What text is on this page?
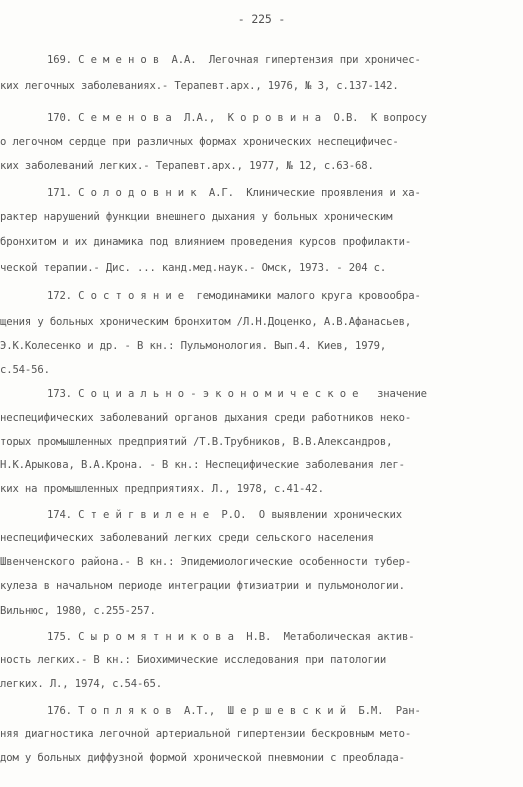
- 225 -
169. С е м е н о в  А.А.  Легочная гипертензия при хроничес-
ких легочных заболеваниях.- Терапевт.арх., 1976, № 3, с.137-142.
170. С е м е н о в а  Л.А.,  К о р о в и н а  О.В.  К вопросу
о легочном сердце при различных формах хронических неспецифичес-
ких заболеваний легких.- Терапевт.арх., 1977, № 12, с.63-68.
171. С о л о д о в н и к  А.Г.  Клинические проявления и ха-
рактер нарушений функции внешнего дыхания у больных хроническим
бронхитом и их динамика под влиянием проведения курсов профилакти-
ческой терапии.- Дис. ... канд.мед.наук.- Омск, 1973. - 204 с.
172. С о с т о я н и е  гемодинамики малого круга кровообра-
щения у больных хроническим бронхитом /Л.Н.Доценко, А.В.Афанасьев,
Э.К.Колесенко и др. - В кн.: Пульмонология. Вып.4. Киев, 1979,
с.54-56.
173. С о ц и а л ь н о - э к о н о м и ч е с к о е   значение
неспецифических заболеваний органов дыхания среди работников неко-
торых промышленных предприятий /Т.В.Трубников, В.В.Александров,
Н.К.Арыкова, В.А.Крона. - В кн.: Неспецифические заболевания лег-
ких на промышленных предприятиях. Л., 1978, с.41-42.
174. С т е й г в и л е н е  Р.О.  О выявлении хронических
неспецифических заболеваний легких среди сельского населения
Швенченского района.- В кн.: Эпидемиологические особенности тубер-
кулеза в начальном периоде интеграции фтизиатрии и пульмонологии.
Вильнюс, 1980, с.255-257.
175. С ы р о м я т н и к о в а  Н.В.  Метаболическая актив-
ность легких.- В кн.: Биохимические исследования при патологии
легких. Л., 1974, с.54-65.
176. Т о п л я к о в  А.Т.,  Ш е р ш е в с к и й  Б.М.  Ран-
няя диагностика легочной артериальной гипертензии бескровным мето-
дом у больных диффузной формой хронической пневмонии с преоблада-
